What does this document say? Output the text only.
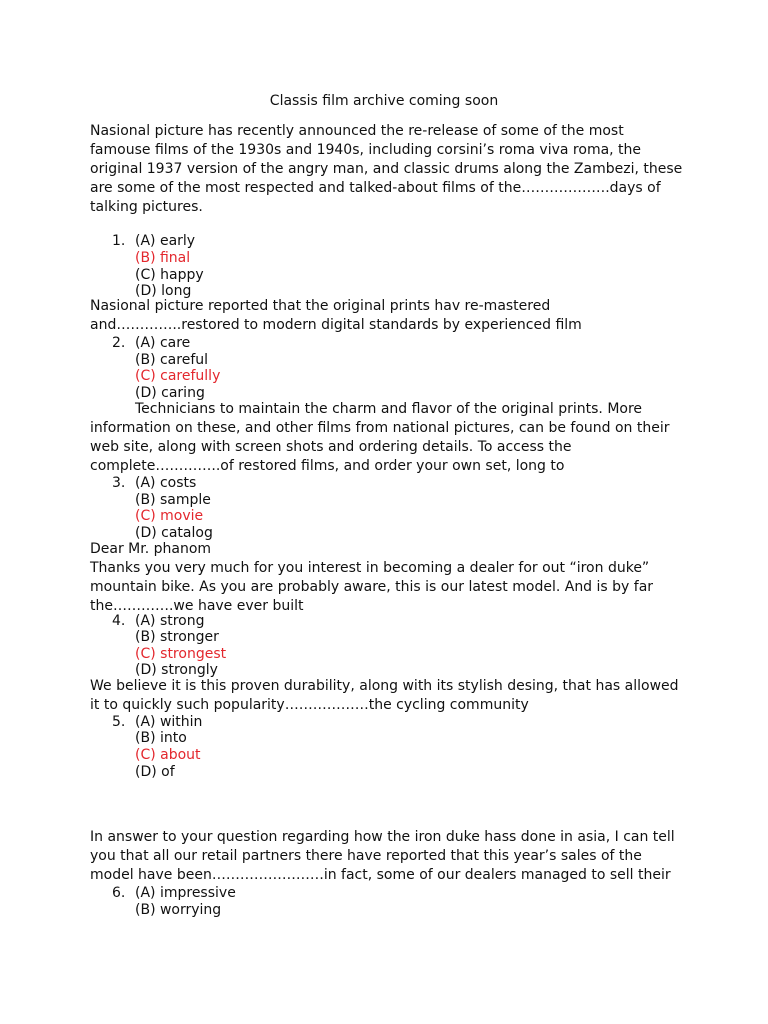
Classis film archive coming soon
Nasional picture has recently announced the re-release of some of the most
famouse films of the 1930s and 1940s, including corsini’s roma viva roma, the
original 1937 version of the angry man, and classic drums along the Zambezi, these
are some of the most respected and talked-about films of the……………….days of
talking pictures.
1. (A) early
(B) final
(C) happy
(D) long
Nasional picture reported that the original prints hav re-mastered
and…………..restored to modern digital standards by experienced film
2. (A) care
(B) careful
(C) carefully
(D) caring
Technicians to maintain the charm and flavor of the original prints. More
information on these, and other films from national pictures, can be found on their
web site, along with screen shots and ordering details. To access the
complete…………..of restored films, and order your own set, long to
3. (A) costs
(B) sample
(C) movie
(D) catalog
Dear Mr. phanom
Thanks you very much for you interest in becoming a dealer for out “iron duke”
mountain bike. As you are probably aware, this is our latest model. And is by far
the………….we have ever built
4. (A) strong
(B) stronger
(C) strongest
(D) strongly
We believe it is this proven durability, along with its stylish desing, that has allowed
it to quickly such popularity………………the cycling community
5. (A) within
(B) into
(C) about
(D) of
In answer to your question regarding how the iron duke hass done in asia, I can tell
you that all our retail partners there have reported that this year’s sales of the
model have been……………………in fact, some of our dealers managed to sell their
6. (A) impressive
(B) worrying
